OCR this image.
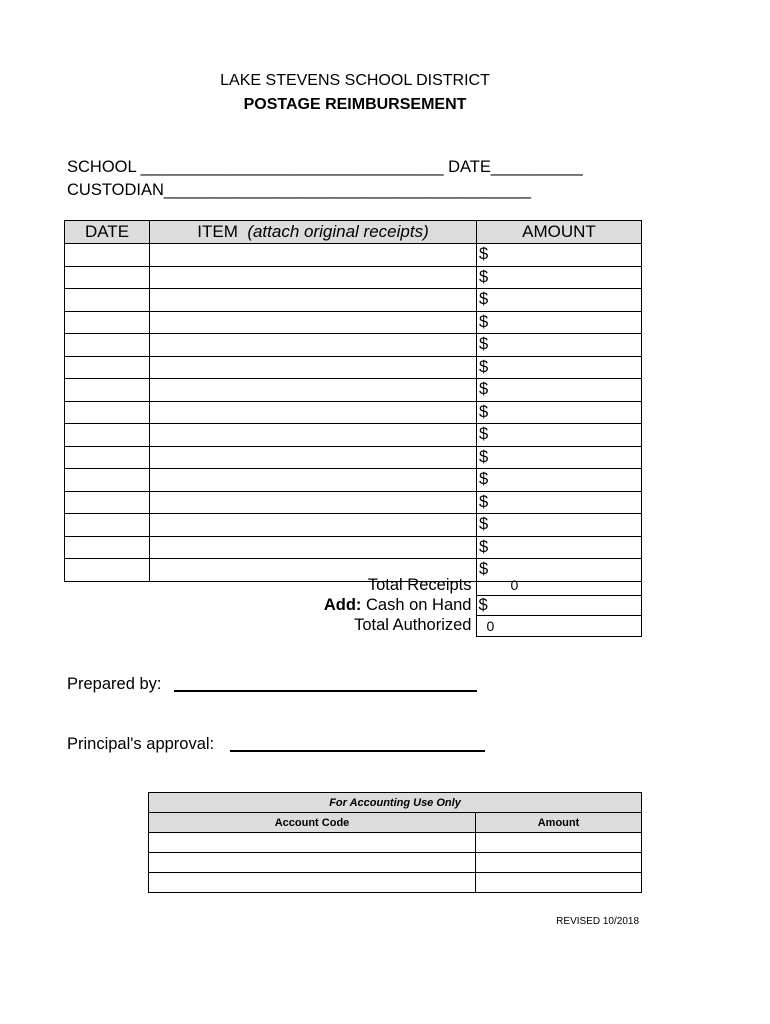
LAKE STEVENS SCHOOL DISTRICT
POSTAGE REIMBURSEMENT
SCHOOL _________________________________ DATE__________
CUSTODIAN________________________________________
DATE	ITEM (attach original receipts)	AMOUNT
		$
		$
		$
		$
		$
		$
		$
		$
		$
		$
		$
		$
		$
		$
		$
Total Receipts	0
Add: Cash on Hand	$
Total Authorized	0
Prepared by:
Principal's approval:
For Accounting Use Only	
Account Code	Amount

REVISED 10/2018
